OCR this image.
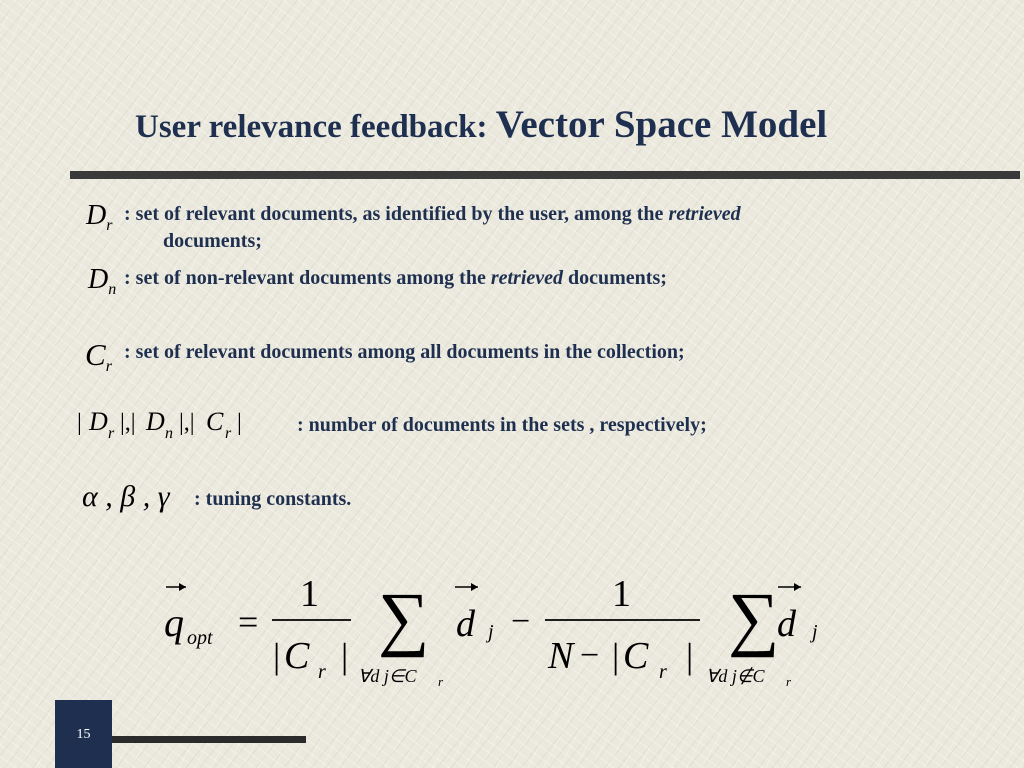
User relevance feedback: Vector Space Model
$D_r$
: set of relevant documents, as identified by the user, among the retrieved
documents;
$D_n$
: set of non-relevant documents among the retrieved documents;
$C_r$
: set of relevant documents among all documents in the collection;
| D r |,| D n |,| C r |	: number of documents in the sets , respectively;
α , β , γ : tuning constants.
q opt =
1
| C r | ∑
∀d j∈C r
d j −
1
N − | C r | ∑
∀d j∉C r
d j
15
